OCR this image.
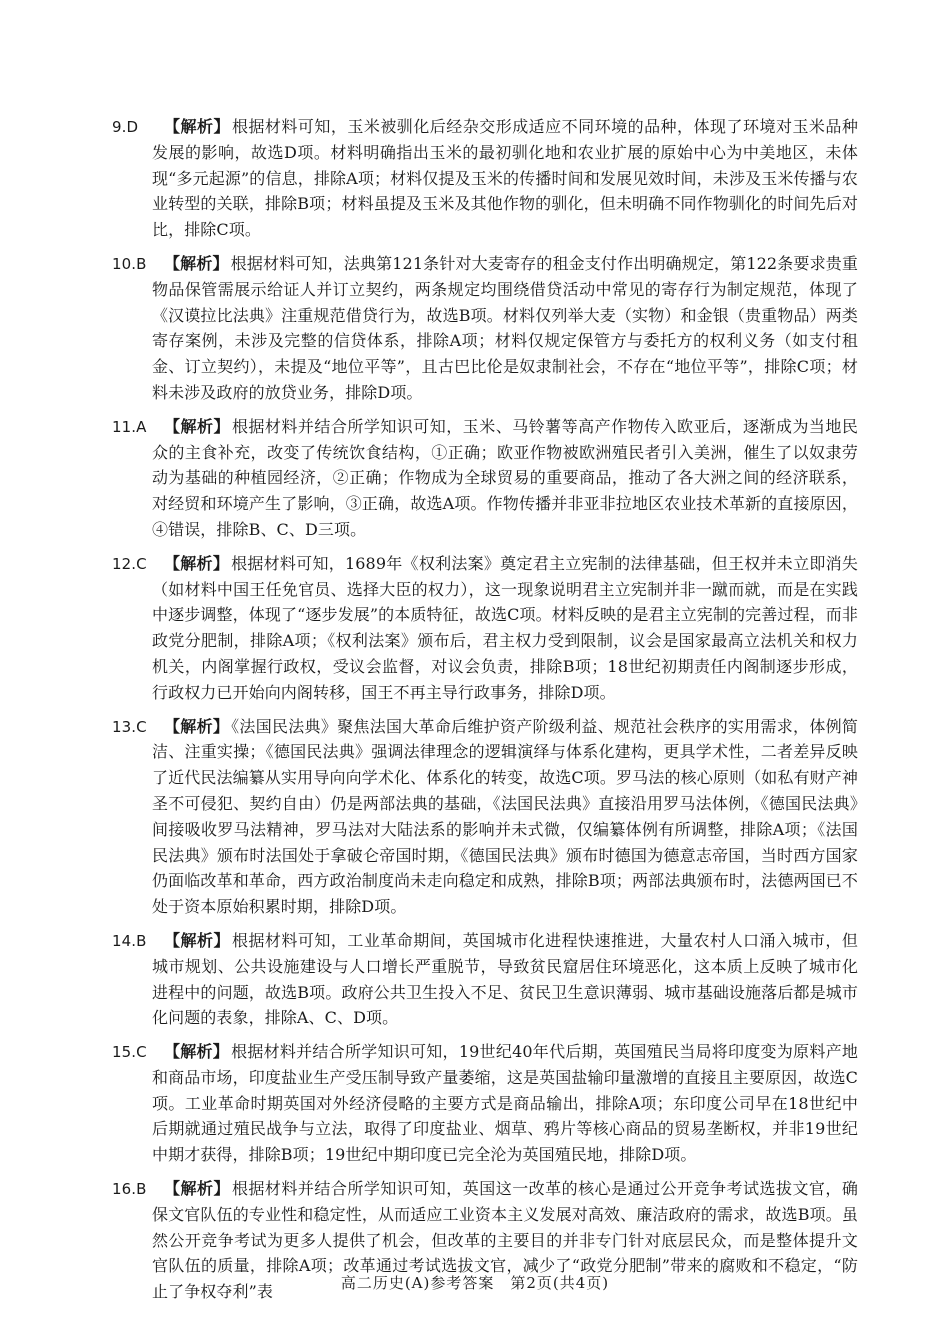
9.D 【解析】 根据材料可知，玉米被驯化后经杂交形成适应不同环境的品种，体现了环境对玉米品种发展的影响，故选D项。材料明确指出玉米的最初驯化地和农业扩展的原始中心为中美地区，未体现“多元起源”的信息，排除A项；材料仅提及玉米的传播时间和发展见效时间，未涉及玉米传播与农业转型的关联，排除B项；材料虽提及玉米及其他作物的驯化，但未明确不同作物驯化的时间先后对比，排除C项。
10.B 【解析】 根据材料可知，法典第121条针对大麦寄存的租金支付作出明确规定，第122条要求贵重物品保管需展示给证人并订立契约，两条规定均围绕借贷活动中常见的寄存行为制定规范，体现了《汉谟拉比法典》注重规范借贷行为，故选B项。材料仅列举大麦（实物）和金银（贵重物品）两类寄存案例，未涉及完整的信贷体系，排除A项；材料仅规定保管方与委托方的权利义务（如支付租金、订立契约），未提及“地位平等”，且古巴比伦是奴隶制社会，不存在“地位平等”，排除C项；材料未涉及政府的放贷业务，排除D项。
11.A 【解析】 根据材料并结合所学知识可知，玉米、马铃薯等高产作物传入欧亚后，逐渐成为当地民众的主食补充，改变了传统饮食结构，①正确；欧亚作物被欧洲殖民者引入美洲，催生了以奴隶劳动为基础的种植园经济，②正确；作物成为全球贸易的重要商品，推动了各大洲之间的经济联系，对经贸和环境产生了影响，③正确，故选A项。作物传播并非亚非拉地区农业技术革新的直接原因，④错误，排除B、C、D三项。
12.C 【解析】 根据材料可知，1689年《权利法案》奠定君主立宪制的法律基础，但王权并未立即消失（如材料中国王任免官员、选择大臣的权力），这一现象说明君主立宪制并非一蹴而就，而是在实践中逐步调整，体现了“逐步发展”的本质特征，故选C项。材料反映的是君主立宪制的完善过程，而非政党分肥制，排除A项；《权利法案》颁布后，君主权力受到限制，议会是国家最高立法机关和权力机关，内阁掌握行政权，受议会监督，对议会负责，排除B项；18世纪初期责任内阁制逐步形成，行政权力已开始向内阁转移，国王不再主导行政事务，排除D项。
13.C 【解析】 《法国民法典》聚焦法国大革命后维护资产阶级利益、规范社会秩序的实用需求，体例简洁、注重实操；《德国民法典》强调法律理念的逻辑演绎与体系化建构，更具学术性，二者差异反映了近代民法编纂从实用导向向学术化、体系化的转变，故选C项。罗马法的核心原则（如私有财产神圣不可侵犯、契约自由）仍是两部法典的基础，《法国民法典》直接沿用罗马法体例，《德国民法典》间接吸收罗马法精神，罗马法对大陆法系的影响并未式微，仅编纂体例有所调整，排除A项；《法国民法典》颁布时法国处于拿破仑帝国时期，《德国民法典》颁布时德国为德意志帝国，当时西方国家仍面临改革和革命，西方政治制度尚未走向稳定和成熟，排除B项；两部法典颁布时，法德两国已不处于资本原始积累时期，排除D项。
14.B 【解析】 根据材料可知，工业革命期间，英国城市化进程快速推进，大量农村人口涌入城市，但城市规划、公共设施建设与人口增长严重脱节，导致贫民窟居住环境恶化，这本质上反映了城市化进程中的问题，故选B项。政府公共卫生投入不足、贫民卫生意识薄弱、城市基础设施落后都是城市化问题的表象，排除A、C、D项。
15.C 【解析】 根据材料并结合所学知识可知，19世纪40年代后期，英国殖民当局将印度变为原料产地和商品市场，印度盐业生产受压制导致产量萎缩，这是英国盐输印量激增的直接且主要原因，故选C项。工业革命时期英国对外经济侵略的主要方式是商品输出，排除A项；东印度公司早在18世纪中后期就通过殖民战争与立法，取得了印度盐业、烟草、鸦片等核心商品的贸易垄断权，并非19世纪中期才获得，排除B项；19世纪中期印度已完全沦为英国殖民地，排除D项。
16.B 【解析】 根据材料并结合所学知识可知，英国这一改革的核心是通过公开竞争考试选拔文官，确保文官队伍的专业性和稳定性，从而适应工业资本主义发展对高效、廉洁政府的需求，故选B项。虽然公开竞争考试为更多人提供了机会，但改革的主要目的并非专门针对底层民众，而是整体提升文官队伍的质量，排除A项；改革通过考试选拔文官，减少了“政党分肥制”带来的腐败和不稳定，“防止了争权夺利”表	高二历史(A)参考答案　第2页(共4页)
